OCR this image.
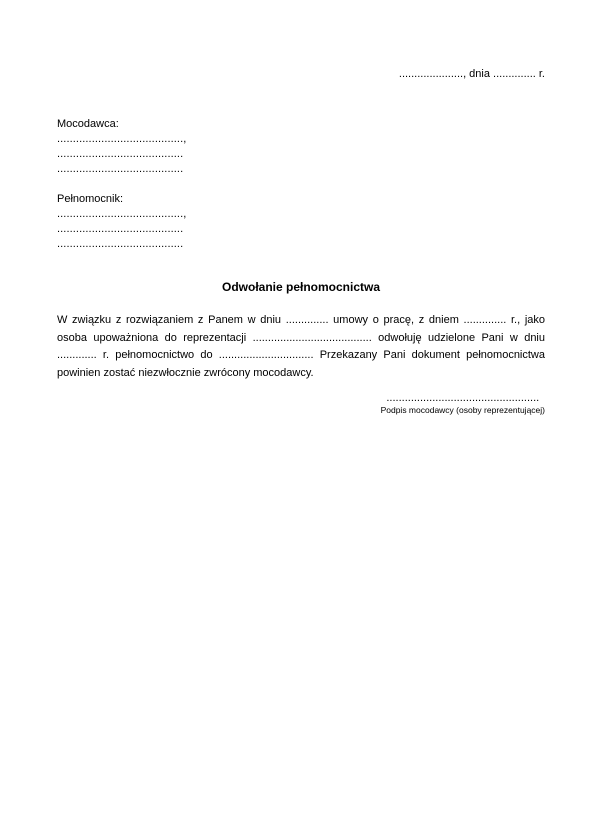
....................., dnia .............. r.
Mocodawca:
........................................,
........................................
........................................
Pełnomocnik:
........................................,
........................................
........................................
Odwołanie pełnomocnictwa
W związku z rozwiązaniem z Panem w dniu .............. umowy o pracę, z dniem .............. r., jako osoba upoważniona do reprezentacji ....................................... odwołuję udzielone Pani w dniu ............. r. pełnomocnictwo do ............................... Przekazany Pani dokument pełnomocnictwa powinien zostać niezwłocznie zwrócony mocodawcy.
..................................................
Podpis mocodawcy (osoby reprezentującej)
